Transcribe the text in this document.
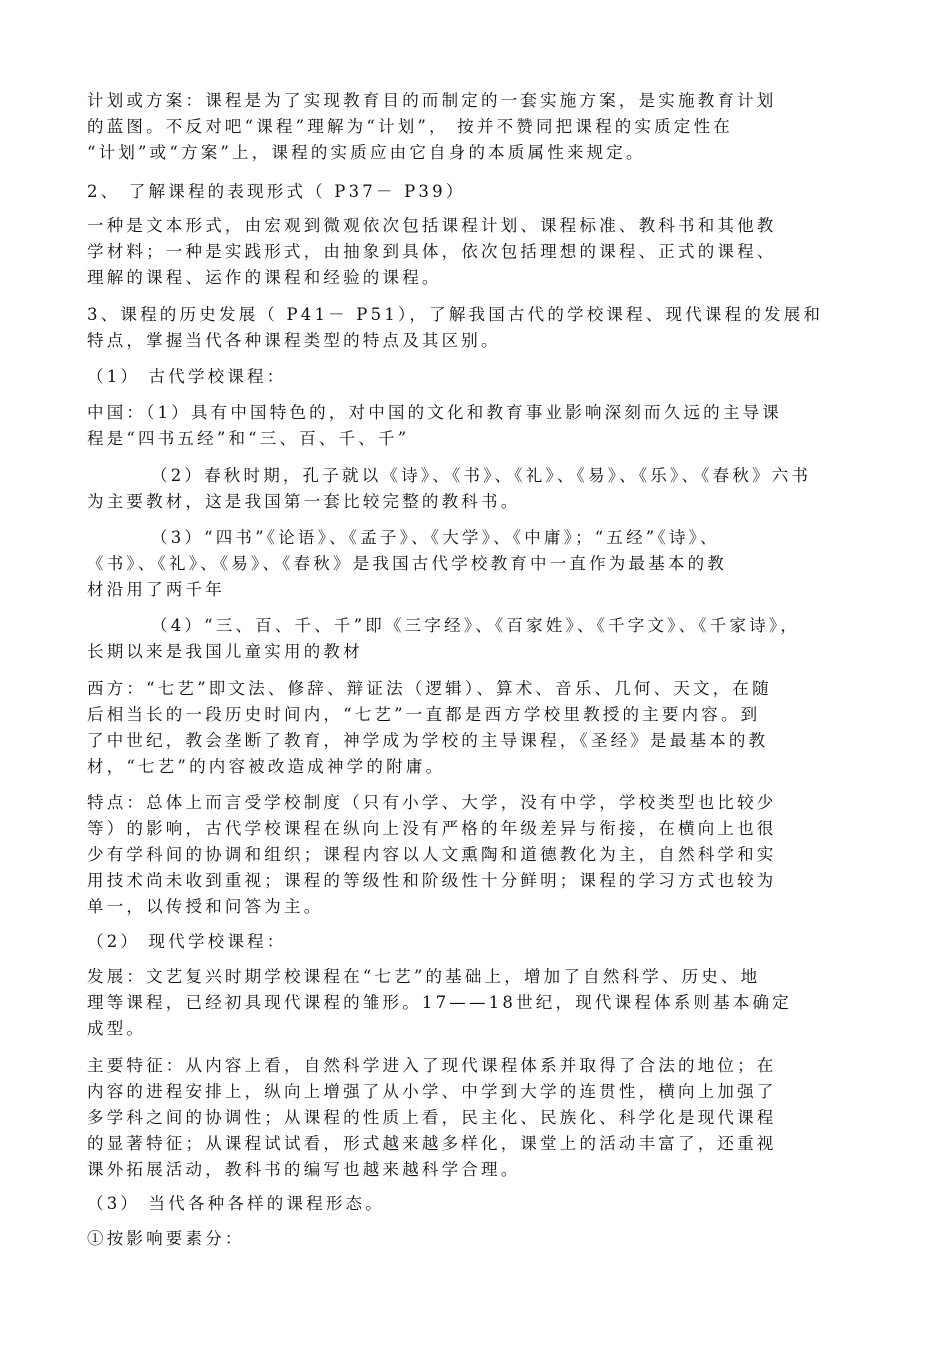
计划或方案：课程是为了实现教育目的而制定的一套实施方案，是实施教育计划
的蓝图。不反对吧“课程”理解为“计划”， 按并不赞同把课程的实质定性在
“计划”或“方案”上，课程的实质应由它自身的本质属性来规定。

2、 了解课程的表现形式（ P37－ P39）

一种是文本形式，由宏观到微观依次包括课程计划、课程标准、教科书和其他教
学材料；一种是实践形式，由抽象到具体，依次包括理想的课程、正式的课程、
理解的课程、运作的课程和经验的课程。

3、课程的历史发展（ P41－ P51），了解我国古代的学校课程、现代课程的发展和
特点，掌握当代各种课程类型的特点及其区别。

（1） 古代学校课程：

中国：（1）具有中国特色的，对中国的文化和教育事业影响深刻而久远的主导课
程是“四书五经”和“三、百、千、千”

（2）春秋时期，孔子就以《诗》、《书》、《礼》、《易》、《乐》、《春秋》六书
为主要教材，这是我国第一套比较完整的教科书。

（3）“四书”《论语》、《孟子》、《大学》、《中庸》；“五经”《诗》、
《书》、《礼》、《易》、《春秋》是我国古代学校教育中一直作为最基本的教
材沿用了两千年

（4）“三、百、千、千”即《三字经》、《百家姓》、《千字文》、《千家诗》，
长期以来是我国儿童实用的教材

西方：“七艺”即文法、修辞、辩证法（逻辑）、算术、音乐、几何、天文，在随
后相当长的一段历史时间内，“七艺”一直都是西方学校里教授的主要内容。到
了中世纪，教会垄断了教育，神学成为学校的主导课程，《圣经》是最基本的教
材，“七艺”的内容被改造成神学的附庸。

特点：总体上而言受学校制度（只有小学、大学，没有中学，学校类型也比较少
等）的影响，古代学校课程在纵向上没有严格的年级差异与衔接，在横向上也很
少有学科间的协调和组织；课程内容以人文熏陶和道德教化为主，自然科学和实
用技术尚未收到重视；课程的等级性和阶级性十分鲜明；课程的学习方式也较为
单一，以传授和问答为主。

（2） 现代学校课程：

发展：文艺复兴时期学校课程在“七艺”的基础上，增加了自然科学、历史、地
理等课程，已经初具现代课程的雏形。17——18世纪，现代课程体系则基本确定
成型。

主要特征：从内容上看，自然科学进入了现代课程体系并取得了合法的地位；在
内容的进程安排上，纵向上增强了从小学、中学到大学的连贯性，横向上加强了
多学科之间的协调性；从课程的性质上看，民主化、民族化、科学化是现代课程
的显著特征；从课程试试看，形式越来越多样化，课堂上的活动丰富了，还重视
课外拓展活动，教科书的编写也越来越科学合理。

（3） 当代各种各样的课程形态。

①按影响要素分：
